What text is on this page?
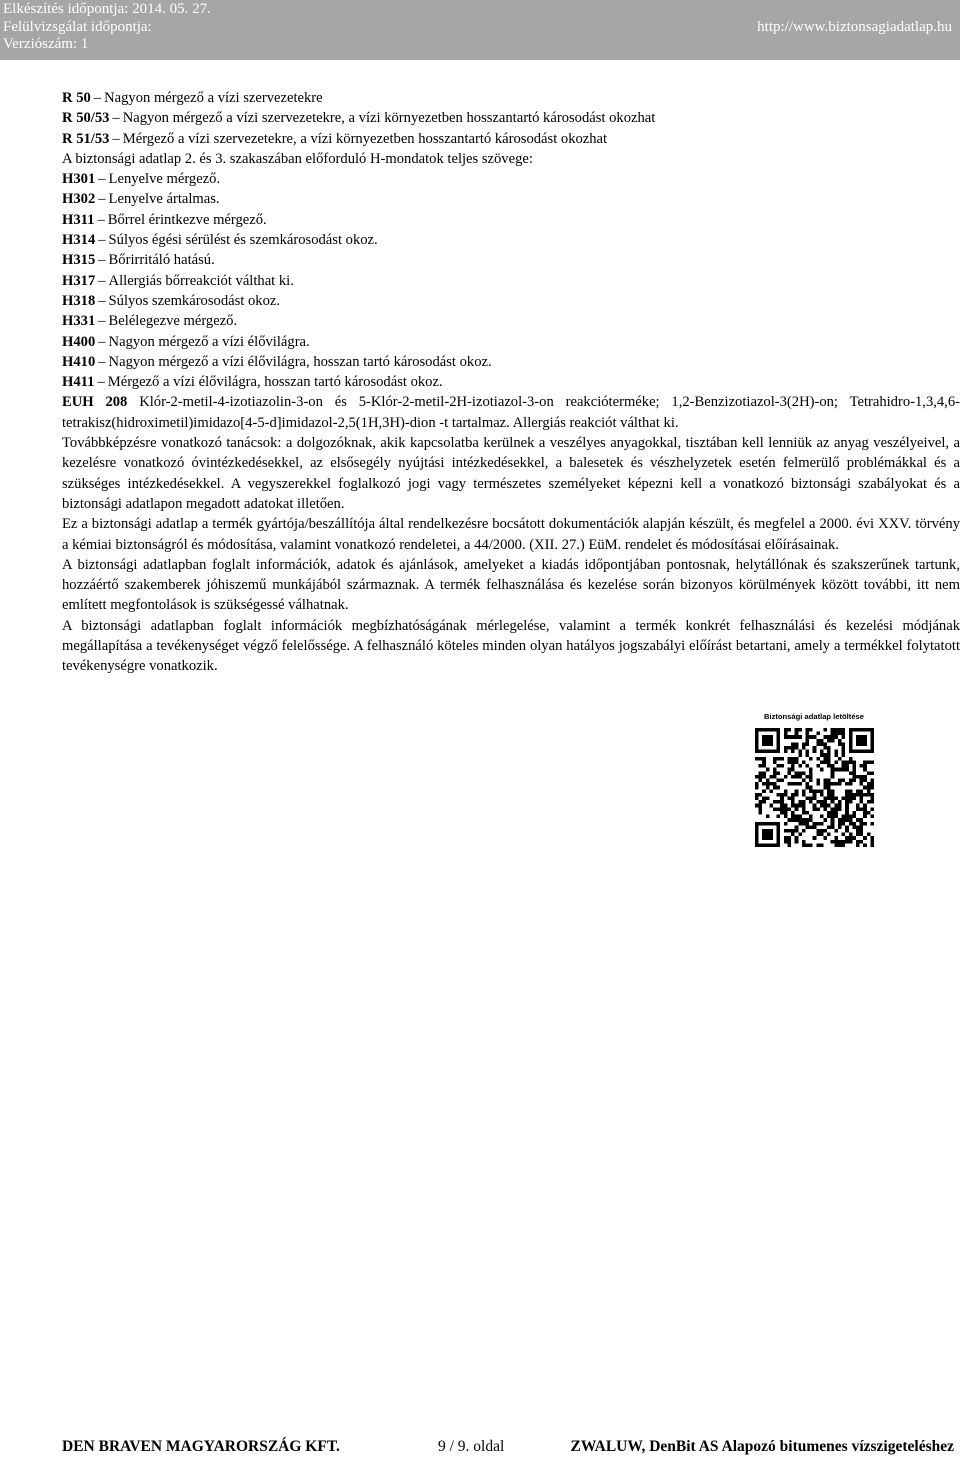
Elkészítés időpontja: 2014. 05. 27.
Felülvizsgálat időpontja:
Verziószám: 1
http://www.biztonsagiadatlap.hu

R 50 – Nagyon mérgező a vízi szervezetekre

R 50/53 – Nagyon mérgező a vízi szervezetekre, a vízi környezetben hosszantartó károsodást okozhat

R 51/53 – Mérgező a vízi szervezetekre, a vízi környezetben hosszantartó károsodást okozhat

A biztonsági adatlap 2. és 3. szakaszában előforduló H-mondatok teljes szövege:

H301 – Lenyelve mérgező.

H302 – Lenyelve ártalmas.

H311 – Bőrrel érintkezve mérgező.

H314 – Súlyos égési sérülést és szemkárosodást okoz.

H315 – Bőrirritáló hatású.

H317 – Allergiás bőrreakciót válthat ki.

H318 – Súlyos szemkárosodást okoz.

H331 – Belélegezve mérgező.

H400 – Nagyon mérgező a vízi élővilágra.

H410 – Nagyon mérgező a vízi élővilágra, hosszan tartó károsodást okoz.

H411 – Mérgező a vízi élővilágra, hosszan tartó károsodást okoz.

EUH 208 Klór-2-metil-4-izotiazolin-3-on és 5-Klór-2-metil-2H-izotiazol-3-on reakcióterméke; 1,2-Benzizotiazol-3(2H)-on; Tetrahidro-1,3,4,6-tetrakisz(hidroximetil)imidazo[4-5-d]imidazol-2,5(1H,3H)-dion -t tartalmaz. Allergiás reakciót válthat ki.

Továbbképzésre vonatkozó tanácsok: a dolgozóknak, akik kapcsolatba kerülnek a veszélyes anyagokkal, tisztában kell lenniük az anyag veszélyeivel, a kezelésre vonatkozó óvintézkedésekkel, az elsősegély nyújtási intézkedésekkel, a balesetek és vészhelyzetek esetén felmerülő problémákkal és a szükséges intézkedésekkel. A vegyszerekkel foglalkozó jogi vagy természetes személyeket képezni kell a vonatkozó biztonsági szabályokat és a biztonsági adatlapon megadott adatokat illetően.

Ez a biztonsági adatlap a termék gyártója/beszállítója által rendelkezésre bocsátott dokumentációk alapján készült, és megfelel a 2000. évi XXV. törvény a kémiai biztonságról és módosítása, valamint vonatkozó rendeletei, a 44/2000. (XII. 27.) EüM. rendelet és módosításai előírásainak.

A biztonsági adatlapban foglalt információk, adatok és ajánlások, amelyeket a kiadás időpontjában pontosnak, helytállónak és szakszerűnek tartunk, hozzáértő szakemberek jóhiszemű munkájából származnak. A termék felhasználása és kezelése során bizonyos körülmények között további, itt nem említett megfontolások is szükségessé válhatnak.

A biztonsági adatlapban foglalt információk megbízhatóságának mérlegelése, valamint a termék konkrét felhasználási és kezelési módjának megállapítása a tevékenységet végző felelőssége. A felhasználó köteles minden olyan hatályos jogszabályi előírást betartani, amely a termékkel folytatott tevékenységre vonatkozik.

Biztonsági adatlap letöltése
DEN BRAVEN MAGYARORSZÁG KFT.	9 / 9. oldal	ZWALUW, DenBit AS Alapozó bitumenes vízszigeteléshez
